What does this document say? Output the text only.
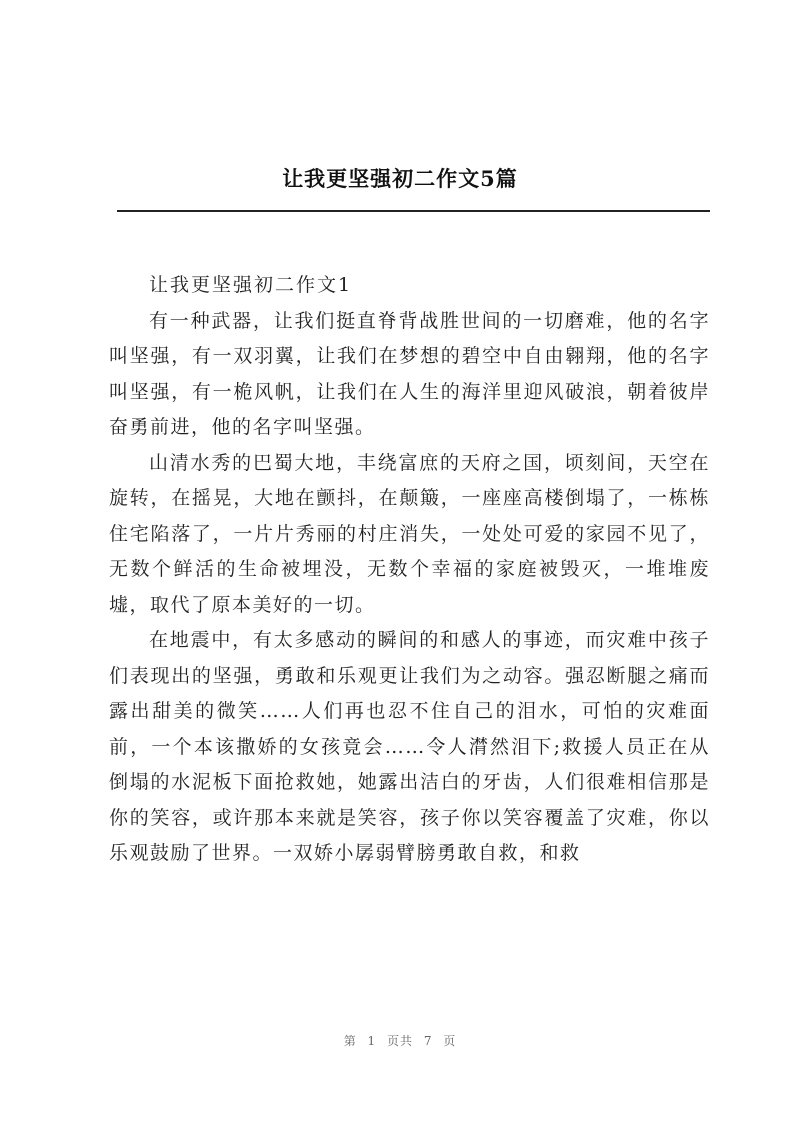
让我更坚强初二作文5篇

让我更坚强初二作文1

有一种武器，让我们挺直脊背战胜世间的一切磨难，他的名字叫坚强，有一双羽翼，让我们在梦想的碧空中自由翱翔，他的名字叫坚强，有一桅风帆，让我们在人生的海洋里迎风破浪，朝着彼岸奋勇前进，他的名字叫坚强。

山清水秀的巴蜀大地，丰绕富庶的天府之国，顷刻间，天空在旋转，在摇晃，大地在颤抖，在颠簸，一座座高楼倒塌了，一栋栋住宅陷落了，一片片秀丽的村庄消失，一处处可爱的家园不见了，无数个鲜活的生命被埋没，无数个幸福的家庭被毁灭，一堆堆废墟，取代了原本美好的一切。

在地震中，有太多感动的瞬间的和感人的事迹，而灾难中孩子们表现出的坚强，勇敢和乐观更让我们为之动容。强忍断腿之痛而露出甜美的微笑……人们再也忍不住自己的泪水，可怕的灾难面前，一个本该撒娇的女孩竟会……令人潸然泪下;救援人员正在从倒塌的水泥板下面抢救她，她露出洁白的牙齿，人们很难相信那是你的笑容，或许那本来就是笑容，孩子你以笑容覆盖了灾难，你以乐观鼓励了世界。一双娇小孱弱臂膀勇敢自救，和救

第 1 页共 7 页
